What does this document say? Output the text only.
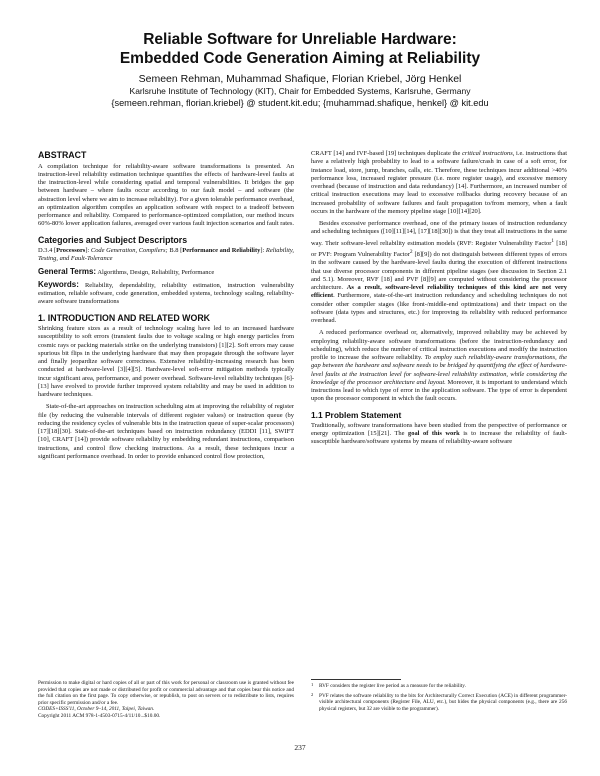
Reliable Software for Unreliable Hardware:
Embedded Code Generation Aiming at Reliability
Semeen Rehman, Muhammad Shafique, Florian Kriebel, Jörg Henkel
Karlsruhe Institute of Technology (KIT), Chair for Embedded Systems, Karlsruhe, Germany
{semeen.rehman, florian.kriebel} @ student.kit.edu; {muhammad.shafique, henkel} @ kit.edu
ABSTRACT

A compilation technique for reliability-aware software transformations is presented. An instruction-level reliability estimation technique quantifies the effects of hardware-level faults at the instruction-level while considering spatial and temporal vulnerabilities. It bridges the gap between hardware – where faults occur according to our fault model – and software (the abstraction level where we aim to increase reliability). For a given tolerable performance overhead, an optimization algorithm compiles an application software with respect to a tradeoff between performance and reliability. Compared to performance-optimized compilation, our method incurs 60%-80% lower application failures, averaged over various fault injection scenarios and fault rates.

Categories and Subject Descriptors

D.3.4 [Processors]: Code Generation, Compilers; B.8 [Performance and Reliability]: Reliability, Testing, and Fault-Tolerance

General Terms: Algorithms, Design, Reliability, Performance

Keywords: Reliability, dependability, reliability estimation, instruction vulnerability estimation, reliable software, code generation, embedded systems, technology scaling, reliability-aware software transformations

1. INTRODUCTION AND RELATED WORK

Shrinking feature sizes as a result of technology scaling have led to an increased hardware susceptibility to soft errors (transient faults due to voltage scaling or high energy particles from cosmic rays or packing materials strike on the underlying transistors) [1][2]. Soft errors may cause spurious bit flips in the underlying hardware that may then propagate through the software layer and finally jeopardize software correctness. Extensive reliability-increasing research has been conducted at hardware-level [3][4][5]. Hardware-level soft-error mitigation methods typically incur significant area, performance, and power overhead. Software-level reliability techniques [6]-[13] have evolved to provide further improved system reliability and may be used in addition to hardware techniques.

State-of-the-art approaches on instruction scheduling aim at improving the reliability of register file (by reducing the vulnerable intervals of different register values) or instruction queue (by reducing the residency cycles of vulnerable bits in the instruction queue of super-scalar processors) [17][18][30]. State-of-the-art techniques based on instruction redundancy (EDDI [11], SWIFT [10], CRAFT [14]) provide software reliability by embedding redundant instructions, comparison instructions, and control flow checking instructions. As a result, these techniques incur a significant performance overhead. In order to provide enhanced control flow protection,

CRAFT [14] and IVF-based [19] techniques duplicate the critical instructions, i.e. instructions that have a relatively high probability to lead to a software failure/crash in case of a soft error, for instance load, store, jump, branches, calls, etc. Therefore, these techniques incur additional >40% performance loss, increased register pressure (i.e. more register usage), and excessive memory overhead (because of instruction and data redundancy) [14]. Furthermore, an increased number of critical instruction executions may lead to excessive rollbacks during recovery because of an increased probability of software failures and fault propagation to/from memory, when a fault occurs in the hardware of the memory pipeline stage [10][14][20].

Besides excessive performance overhead, one of the primary issues of instruction redundancy and scheduling techniques ([10][11][14], [17][18][30]) is that they treat all instructions in the same way. Their software-level reliability estimation models (RVF: Register Vulnerability Factor$^1$ [18] or PVF: Program Vulnerability Factor$^2$ [8][9]) do not distinguish between different types of errors in the software caused by the hardware-level faults during the execution of different instructions that use diverse processor components in different pipeline stages (see discussion in Section 2.1 and 5.1). Moreover, RVF [18] and PVF [8][9] are computed without considering the processor architecture. As a result, software-level reliability techniques of this kind are not very efficient. Furthermore, state-of-the-art instruction redundancy and scheduling techniques do not consider other compiler stages (like front-/middle-end optimizations) and their impact on the software (data types and structures, etc.) for improving its reliability with reduced performance overhead.

A reduced performance overhead or, alternatively, improved reliability may be achieved by employing reliability-aware software transformations (before the instruction-redundancy and scheduling), which reduce the number of critical instruction executions and modify the instruction profile to increase the software reliability. To employ such reliability-aware transformations, the gap between the hardware and software needs to be bridged by quantifying the effect of hardware-level faults at the instruction level for software-level reliability estimation, while considering the knowledge of the processor architecture and layout. Moreover, it is important to understand which instructions lead to which type of error in the application software. The type of error is dependent upon the processor component in which the fault occurs.

1.1 Problem Statement

Traditionally, software transformations have been studied from the perspective of performance or energy optimization [15][21]. The goal of this work is to increase the reliability of fault-susceptible hardware/software systems by means of reliability-aware software

Permission to make digital or hard copies of all or part of this work for personal or classroom use is granted without fee provided that copies are not made or distributed for profit or commercial advantage and that copies bear this notice and the full citation on the first page. To copy otherwise, or republish, to post on servers or to redistribute to lists, requires prior specific permission and/or a fee.

CODES+ISSS'11, October 9–14, 2011, Taipei, Taiwan.

Copyright 2011 ACM 978-1-4503-0715-4/11/10...$10.00.

1 RVF considers the register live period as a measure for the reliability.

2 PVF relates the software reliability to the bits for Architecturally Correct Execution (ACE) in different programmer-visible architectural components (Register File, ALU, etc.), but hides the physical components (e.g., there are 256 physical registers, but 32 are visible to the programmer).

237
